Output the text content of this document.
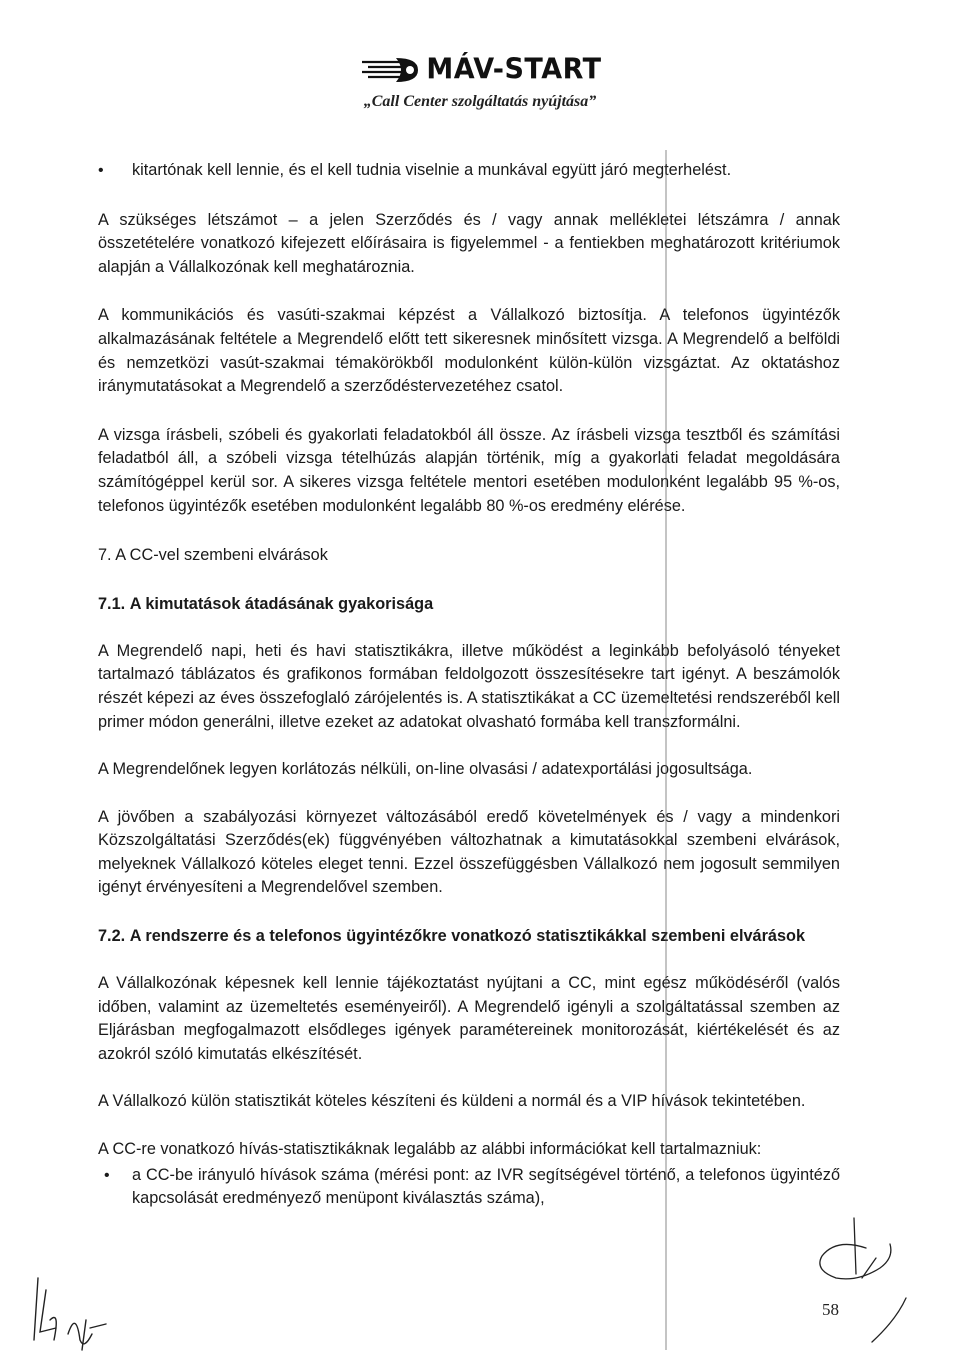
MÁV-START
„Call Center szolgáltatás nyújtása”
• kitartónak kell lennie, és el kell tudnia viselnie a munkával együtt járó megterhelést.

A szükséges létszámot – a jelen Szerződés és / vagy annak mellékletei létszámra / annak összetételére vonatkozó kifejezett előírásaira is figyelemmel - a fentiekben meghatározott kritériumok alapján a Vállalkozónak kell meghatároznia.

A kommunikációs és vasúti-szakmai képzést a Vállalkozó biztosítja. A telefonos ügyintézők alkalmazásának feltétele a Megrendelő előtt tett sikeresnek minősített vizsga. A Megrendelő a belföldi és nemzetközi vasút-szakmai témakörökből modulonként külön-külön vizsgáztat. Az oktatáshoz iránymutatásokat a Megrendelő a szerződéstervezetéhez csatol.

A vizsga írásbeli, szóbeli és gyakorlati feladatokból áll össze. Az írásbeli vizsga tesztből és számítási feladatból áll, a szóbeli vizsga tételhúzás alapján történik, míg a gyakorlati feladat megoldására számítógéppel kerül sor. A sikeres vizsga feltétele mentori esetében modulonként legalább 95 %-os, telefonos ügyintézők esetében modulonként legalább 80 %-os eredmény elérése.

7. A CC-vel szembeni elvárások

7.1. A kimutatások átadásának gyakorisága

A Megrendelő napi, heti és havi statisztikákra, illetve működést a leginkább befolyásoló tényeket tartalmazó táblázatos és grafikonos formában feldolgozott összesítésekre tart igényt. A beszámolók részét képezi az éves összefoglaló zárójelentés is. A statisztikákat a CC üzemeltetési rendszeréből kell primer módon generálni, illetve ezeket az adatokat olvasható formába kell transzformálni.

A Megrendelőnek legyen korlátozás nélküli, on-line olvasási / adatexportálási jogosultsága.

A jövőben a szabályozási környezet változásából eredő követelmények és / vagy a mindenkori Közszolgáltatási Szerződés(ek) függvényében változhatnak a kimutatásokkal szembeni elvárások, melyeknek Vállalkozó köteles eleget tenni. Ezzel összefüggésben Vállalkozó nem jogosult semmilyen igényt érvényesíteni a Megrendelővel szemben.

7.2. A rendszerre és a telefonos ügyintézőkre vonatkozó statisztikákkal szembeni elvárások

A Vállalkozónak képesnek kell lennie tájékoztatást nyújtani a CC, mint egész működéséről (valós időben, valamint az üzemeltetés eseményeiről). A Megrendelő igényli a szolgáltatással szemben az Eljárásban megfogalmazott elsődleges igények paramétereinek monitorozását, kiértékelését és az azokról szóló kimutatás elkészítését.

A Vállalkozó külön statisztikát köteles készíteni és küldeni a normál és a VIP hívások tekintetében.

A CC-re vonatkozó hívás-statisztikáknak legalább az alábbi információkat kell tartalmazniuk:

• a CC-be irányuló hívások száma (mérési pont: az IVR segítségével történő, a telefonos ügyintéző kapcsolását eredményező menüpont kiválasztás száma),
58
